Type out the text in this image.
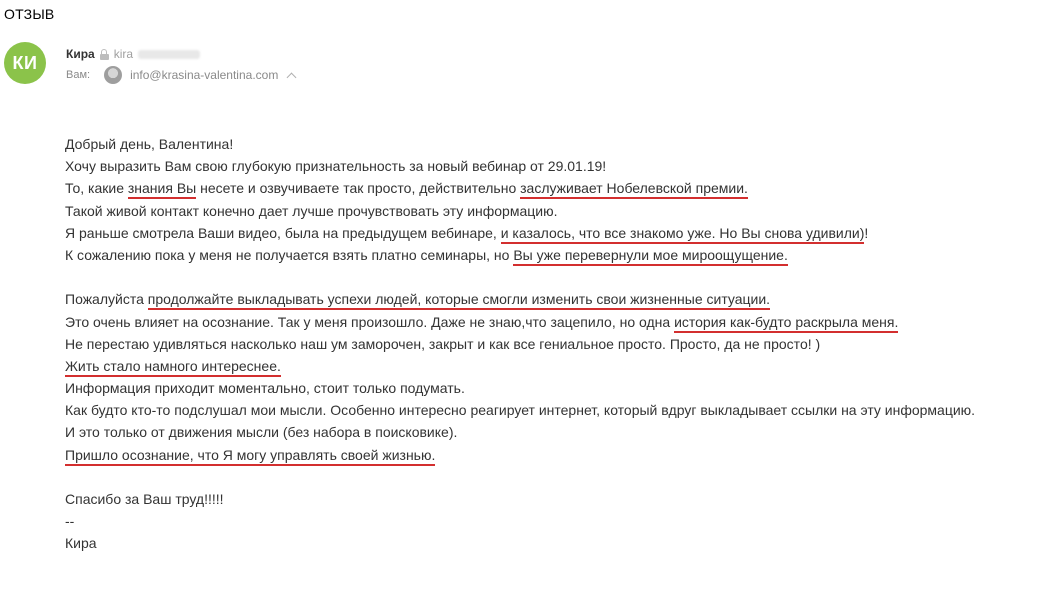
ОТЗЫВ
КИ Кира kira
Вам:	info@krasina-valentina.com
Добрый день, Валентина!
Хочу выразить Вам свою глубокую признательность за новый вебинар от 29.01.19!
То, какие знания Вы несете и озвучиваете так просто, действительно заслуживает Нобелевской премии.
Такой живой контакт конечно дает лучше прочувствовать эту информацию.
Я раньше смотрела Ваши видео, была на предыдущем вебинаре, и казалось, что все знакомо уже. Но Вы снова удивили)!
К сожалению пока у меня не получается взять платно семинары, но Вы уже перевернули мое мироощущение.
Пожалуйста продолжайте выкладывать успехи людей, которые смогли изменить свои жизненные ситуации.
Это очень влияет на осознание. Так у меня произошло. Даже не знаю,что зацепило, но одна история как-будто раскрыла меня.
Не перестаю удивляться насколько наш ум заморочен, закрыт и как все гениальное просто. Просто, да не просто! )
Жить стало намного интереснее.
Информация приходит моментально, стоит только подумать.
Как будто кто-то подслушал мои мысли. Особенно интересно реагирует интернет, который вдруг выкладывает ссылки на эту информацию.
И это только от движения мысли (без набора в поисковике).
Пришло осознание, что Я могу управлять своей жизнью.
Спасибо за Ваш труд!!!!!
--
Кира
